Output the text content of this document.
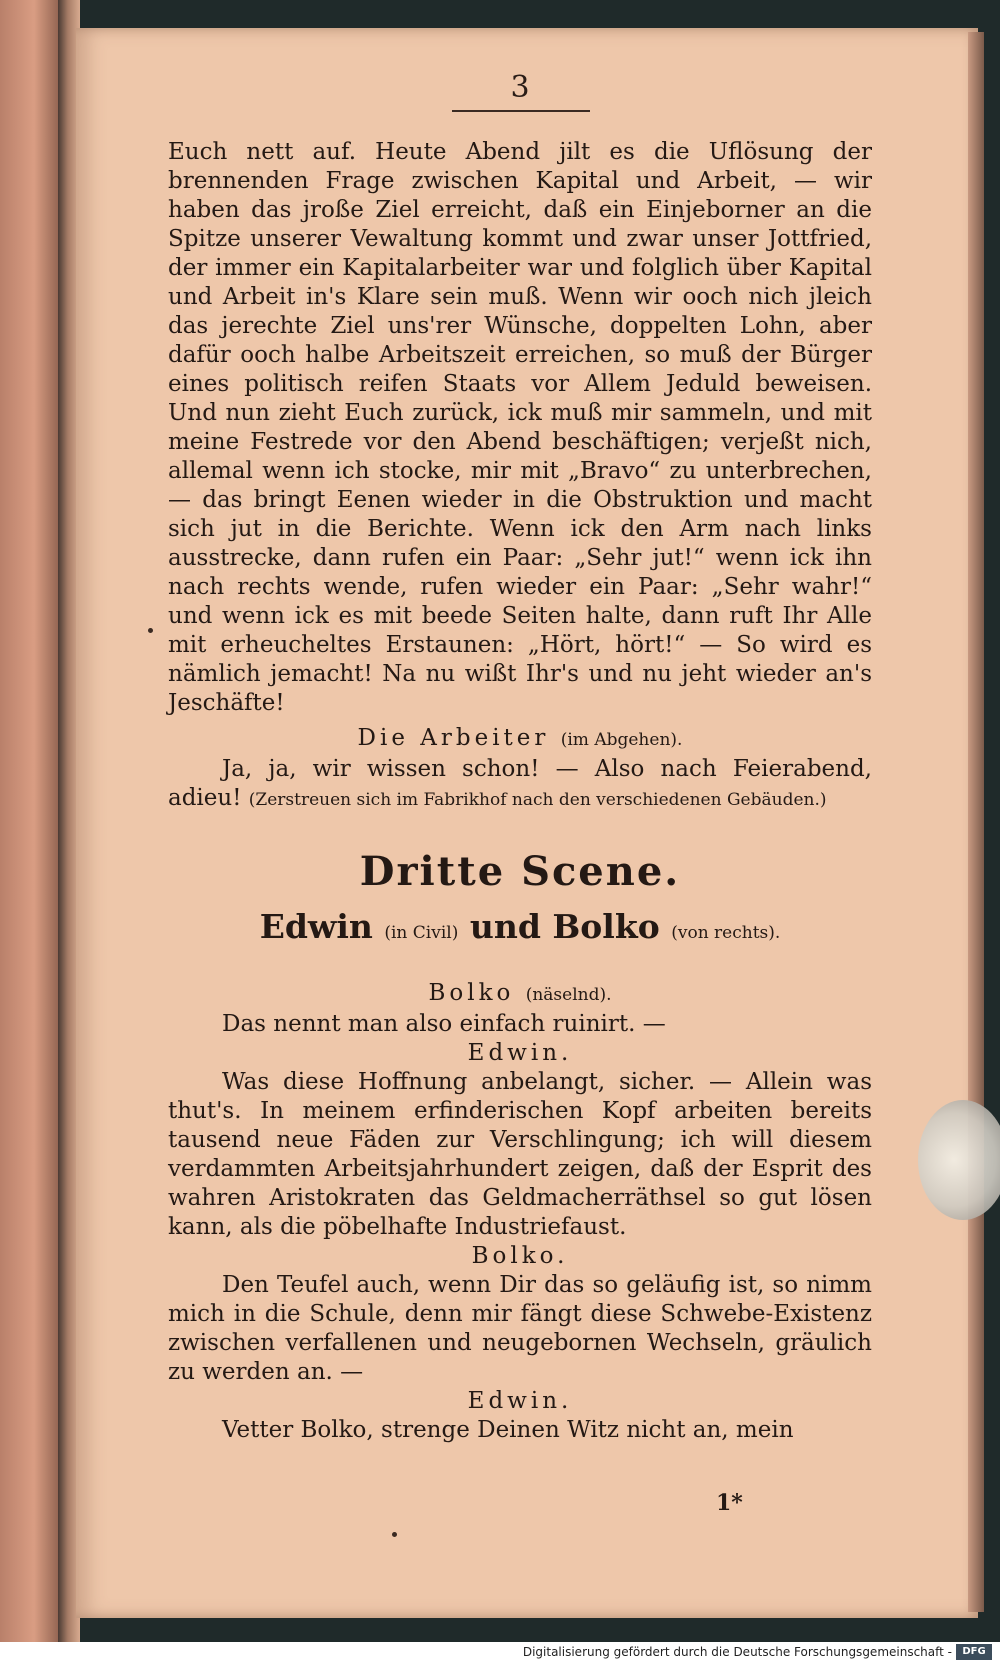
3

Euch nett auf. Heute Abend jilt es die Uflösung der brennenden Frage zwischen Kapital und Arbeit, — wir haben das jroße Ziel erreicht, daß ein Einjeborner an die Spitze unserer Vewaltung kommt und zwar unser Jottfried, der immer ein Kapitalarbeiter war und folglich über Kapital und Arbeit in's Klare sein muß. Wenn wir ooch nich jleich das jerechte Ziel uns'rer Wünsche, doppelten Lohn, aber dafür ooch halbe Arbeitszeit erreichen, so muß der Bürger eines politisch reifen Staats vor Allem Jeduld beweisen. Und nun zieht Euch zurück, ick muß mir sammeln, und mit meine Festrede vor den Abend beschäftigen; verjeßt nich, allemal wenn ich stocke, mir mit „Bravo“ zu unterbrechen, — das bringt Eenen wieder in die Obstruktion und macht sich jut in die Berichte. Wenn ick den Arm nach links ausstrecke, dann rufen ein Paar: „Sehr jut!“ wenn ick ihn nach rechts wende, rufen wieder ein Paar: „Sehr wahr!“ und wenn ick es mit beede Seiten halte, dann ruft Ihr Alle mit erheucheltes Erstaunen: „Hört, hört!“ — So wird es nämlich jemacht! Na nu wißt Ihr's und nu jeht wieder an's Jeschäfte!

Die Arbeiter (im Abgehen).

Ja, ja, wir wissen schon! — Also nach Feierabend, adieu! (Zerstreuen sich im Fabrikhof nach den verschiedenen Gebäuden.)

Dritte Scene.
Edwin (in Civil) und Bolko (von rechts).

Bolko (näselnd).

Das nennt man also einfach ruinirt. —

Edwin.

Was diese Hoffnung anbelangt, sicher. — Allein was thut's. In meinem erfinderischen Kopf arbeiten bereits tausend neue Fäden zur Verschlingung; ich will diesem verdammten Arbeitsjahrhundert zeigen, daß der Esprit des wahren Aristokraten das Geldmacherräthsel so gut lösen kann, als die pöbelhafte Industriefaust.

Bolko.

Den Teufel auch, wenn Dir das so geläufig ist, so nimm mich in die Schule, denn mir fängt diese Schwebe-Existenz zwischen verfallenen und neugebornen Wechseln, gräulich zu werden an. —

Edwin.

Vetter Bolko, strenge Deinen Witz nicht an, mein

1*
Digitalisierung gefördert durch die Deutsche Forschungsgemeinschaft -	DFG
